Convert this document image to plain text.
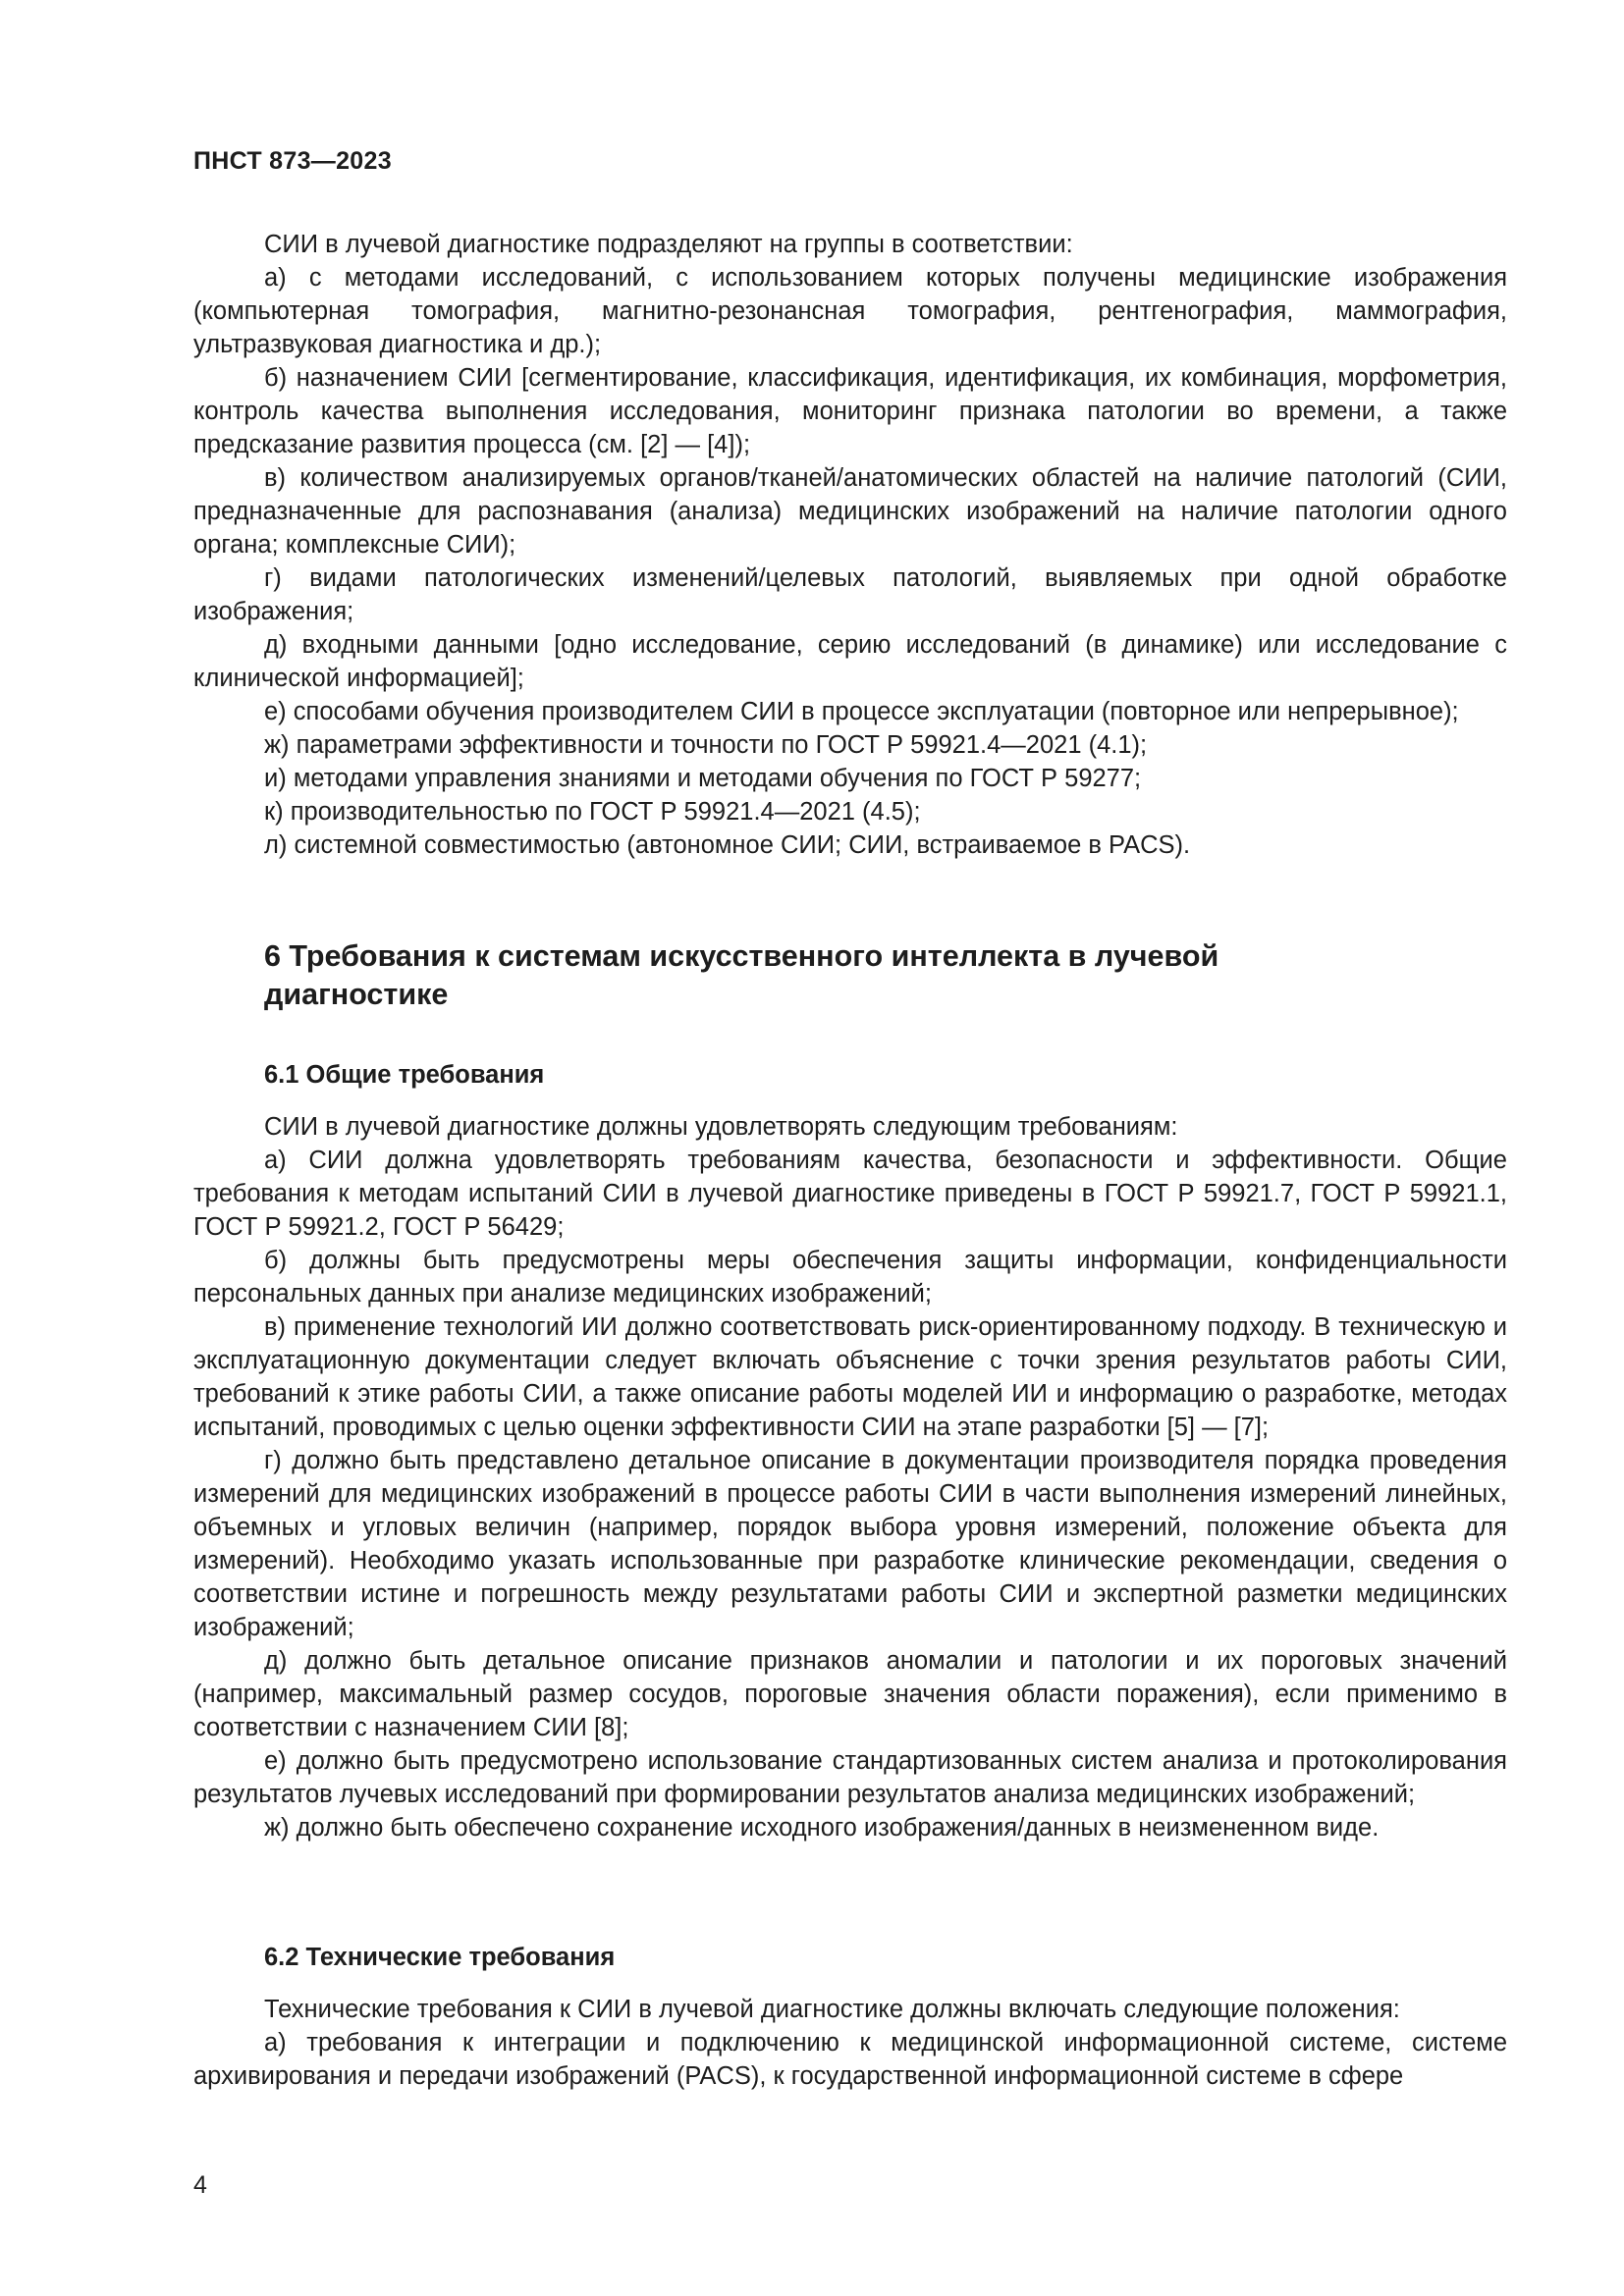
ПНСТ 873—2023

СИИ в лучевой диагностике подразделяют на группы в соответствии:

а) с методами исследований, с использованием которых получены медицинские изображения (компьютерная томография, магнитно-резонансная томография, рентгенография, маммография, ультразвуковая диагностика и др.);

б) назначением СИИ [сегментирование, классификация, идентификация, их комбинация, морфометрия, контроль качества выполнения исследования, мониторинг признака патологии во времени, а также предсказание развития процесса (см. [2] — [4]);

в) количеством анализируемых органов/тканей/анатомических областей на наличие патологий (СИИ, предназначенные для распознавания (анализа) медицинских изображений на наличие патологии одного органа; комплексные СИИ);

г) видами патологических изменений/целевых патологий, выявляемых при одной обработке изображения;

д) входными данными [одно исследование, серию исследований (в динамике) или исследование с клинической информацией];

е) способами обучения производителем СИИ в процессе эксплуатации (повторное или непрерывное);

ж) параметрами эффективности и точности по ГОСТ Р 59921.4—2021 (4.1);

и) методами управления знаниями и методами обучения по ГОСТ Р 59277;

к) производительностью по ГОСТ Р 59921.4—2021 (4.5);

л) системной совместимостью (автономное СИИ; СИИ, встраиваемое в PACS).

6 Требования к системам искусственного интеллекта в лучевой

диагностике

6.1 Общие требования

СИИ в лучевой диагностике должны удовлетворять следующим требованиям:

а) СИИ должна удовлетворять требованиям качества, безопасности и эффективности. Общие требования к методам испытаний СИИ в лучевой диагностике приведены в ГОСТ Р 59921.7, ГОСТ Р 59921.1, ГОСТ Р 59921.2, ГОСТ Р 56429;

б) должны быть предусмотрены меры обеспечения защиты информации, конфиденциальности персональных данных при анализе медицинских изображений;

в) применение технологий ИИ должно соответствовать риск-ориентированному подходу. В техническую и эксплуатационную документации следует включать объяснение с точки зрения результатов работы СИИ, требований к этике работы СИИ, а также описание работы моделей ИИ и информацию о разработке, методах испытаний, проводимых с целью оценки эффективности СИИ на этапе разработки [5] — [7];

г) должно быть представлено детальное описание в документации производителя порядка проведения измерений для медицинских изображений в процессе работы СИИ в части выполнения измерений линейных, объемных и угловых величин (например, порядок выбора уровня измерений, положение объекта для измерений). Необходимо указать использованные при разработке клинические рекомендации, сведения о соответствии истине и погрешность между результатами работы СИИ и экспертной разметки медицинских изображений;

д) должно быть детальное описание признаков аномалии и патологии и их пороговых значений (например, максимальный размер сосудов, пороговые значения области поражения), если применимо в соответствии с назначением СИИ [8];

е) должно быть предусмотрено использование стандартизованных систем анализа и протоколирования результатов лучевых исследований при формировании результатов анализа медицинских изображений;

ж) должно быть обеспечено сохранение исходного изображения/данных в неизмененном виде.

6.2 Технические требования

Технические требования к СИИ в лучевой диагностике должны включать следующие положения:

а) требования к интеграции и подключению к медицинской информационной системе, системе архивирования и передачи изображений (PACS), к государственной информационной системе в сфере

4
